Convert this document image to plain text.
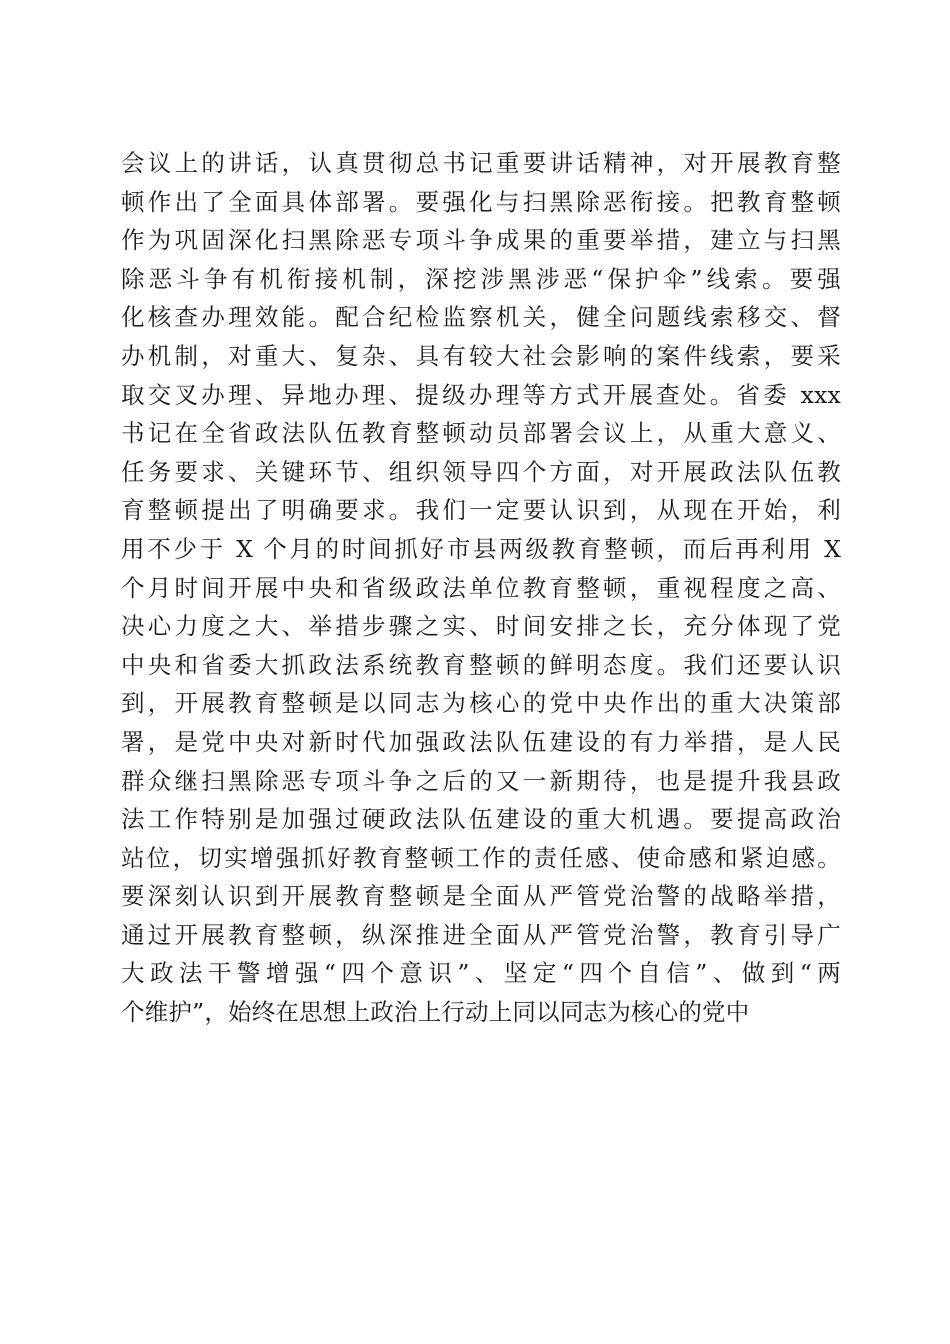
会议上的讲话，认真贯彻总书记重要讲话精神，对开展教育整
顿作出了全面具体部署。要强化与扫黑除恶衔接。把教育整顿
作为巩固深化扫黑除恶专项斗争成果的重要举措，建立与扫黑
除恶斗争有机衔接机制，深挖涉黑涉恶“保护伞”线索。要强
化核查办理效能。配合纪检监察机关，健全问题线索移交、督
办机制，对重大、复杂、具有较大社会影响的案件线索，要采
取交叉办理、异地办理、提级办理等方式开展查处。省委 xxx
书记在全省政法队伍教育整顿动员部署会议上，从重大意义、
任务要求、关键环节、组织领导四个方面，对开展政法队伍教
育整顿提出了明确要求。我们一定要认识到，从现在开始，利
用不少于 X 个月的时间抓好市县两级教育整顿，而后再利用 X
个月时间开展中央和省级政法单位教育整顿，重视程度之高、
决心力度之大、举措步骤之实、时间安排之长，充分体现了党
中央和省委大抓政法系统教育整顿的鲜明态度。我们还要认识
到，开展教育整顿是以同志为核心的党中央作出的重大决策部
署，是党中央对新时代加强政法队伍建设的有力举措，是人民
群众继扫黑除恶专项斗争之后的又一新期待，也是提升我县政
法工作特别是加强过硬政法队伍建设的重大机遇。要提高政治
站位，切实增强抓好教育整顿工作的责任感、使命感和紧迫感。
要深刻认识到开展教育整顿是全面从严管党治警的战略举措，
通过开展教育整顿，纵深推进全面从严管党治警，教育引导广
大政法干警增强“四个意识”、坚定“四个自信”、做到“两
个维护”，始终在思想上政治上行动上同以同志为核心的党中
